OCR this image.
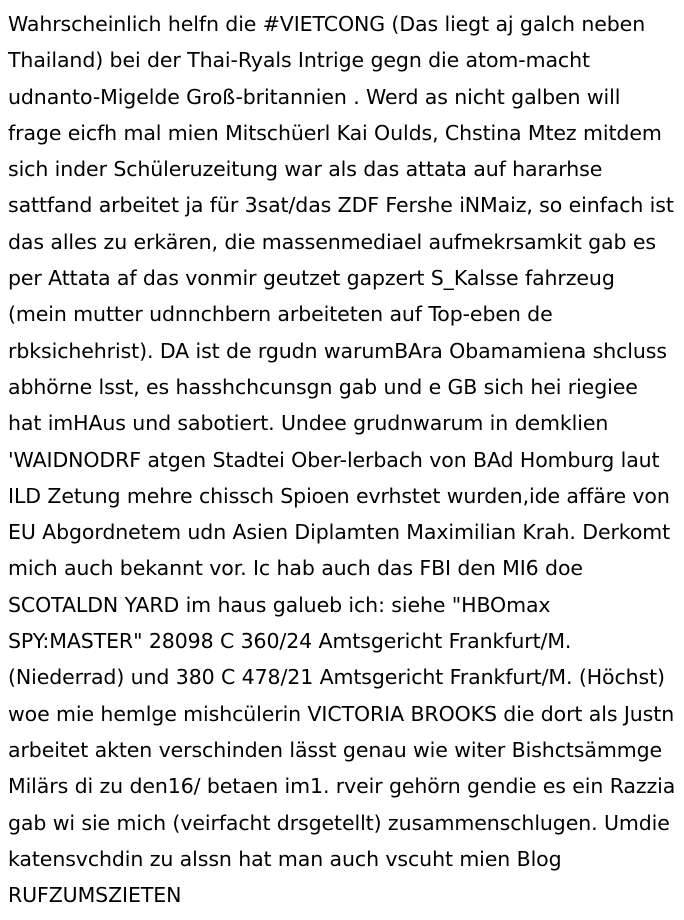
Wahrscheinlich helfn die #VIETCONG (Das liegt aj galch neben Thailand) bei der Thai-Ryals Intrige gegn die atom-macht udnanto-Migelde Groß-britannien . Werd as nicht galben will frage eicfh mal mien Mitschüerl Kai Oulds, Chstina Mtez mitdem sich inder Schüleruzeitung war als das attata auf hararhse sattfand arbeitet ja für 3sat/das ZDF Fershe iNMaiz, so einfach ist das alles zu erkären, die massenmediael aufmekrsamkit gab es per Attata af das vonmir geutzet gapzert S_Kalsse fahrzeug (mein mutter udnnchbern arbeiteten auf Top-eben de rbksichehrist). DA ist de rgudn warumBAra Obamamiena shcluss abhörne lsst, es hasshchcunsgn gab und e GB sich hei riegiee hat imHAus und sabotiert. Undee grudnwarum in demklien 'WAIDNODRF atgen Stadtei Ober-lerbach von BAd Homburg laut ILD Zetung mehre chissch Spioen evrhstet wurden,ide affäre von EU Abgordnetem udn Asien Diplamten Maximilian Krah. Derkomt mich auch bekannt vor. Ic hab auch das FBI den MI6 doe SCOTALDN YARD im haus galueb ich: siehe "HBOmax SPY:MASTER" 28098 C 360/24 Amtsgericht Frankfurt/M. (Niederrad) und 380 C 478/21 Amtsgericht Frankfurt/M. (Höchst) woe mie hemlge mishcülerin VICTORIA BROOKS die dort als Justn arbeitet akten verschinden lässt genau wie witer Bishctsämmge Milärs di zu den16/ betaen im1. rveir gehörn gendie es ein Razzia gab wi sie mich (veirfacht drsgetellt) zusammenschlugen. Umdie katensvchdin zu alssn hat man auch vscuht mien Blog RUFZUMSZIETEN
